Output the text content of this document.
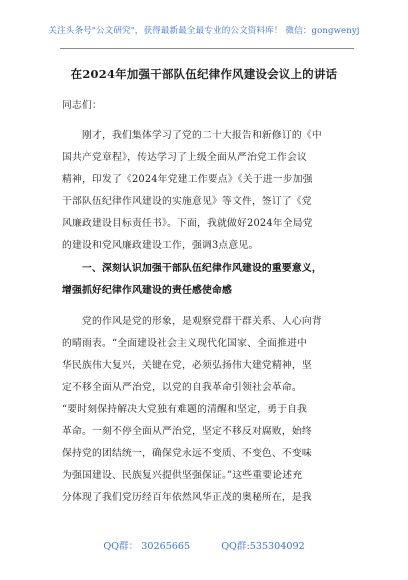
关注头条号"公文研究"，获得最新最全最专业的公文资料库！ 微信：gongwenyj
在2024年加强干部队伍纪律作风建设会议上的讲话
同志们：
　　刚才，我们集体学习了党的二十大报告和新修订的《中
国共产党章程》，传达学习了上级全面从严治党工作会议
精神，印发了《2024年党建工作要点》《关于进一步加强
干部队伍纪律作风建设的实施意见》等文件，签订了《党
风廉政建设目标责任书》。下面，我就做好2024年全局党
的建设和党风廉政建设工作，强调3点意见。
　　一、深刻认识加强干部队伍纪律作风建设的重要意义，
增强抓好纪律作风建设的责任感使命感
　　党的作风是党的形象，是观察党群干群关系、人心向背
的晴雨表。“全面建设社会主义现代化国家、全面推进中
华民族伟大复兴，关键在党，必须弘扬伟大建党精神，坚
定不移全面从严治党，以党的自我革命引领社会革命。
“要时刻保持解决大党独有难题的清醒和坚定，勇于自我
革命。一刻不停全面从严治党，坚定不移反对腐败，始终
保持党的团结统一，确保党永远不变质、不变色、不变味
为强国建设、民族复兴提供坚强保证。”这些重要论述充
分体现了我们党历经百年依然风华正茂的奥秘所在，是我
QQ群： 30265665	QQ群:535304092
